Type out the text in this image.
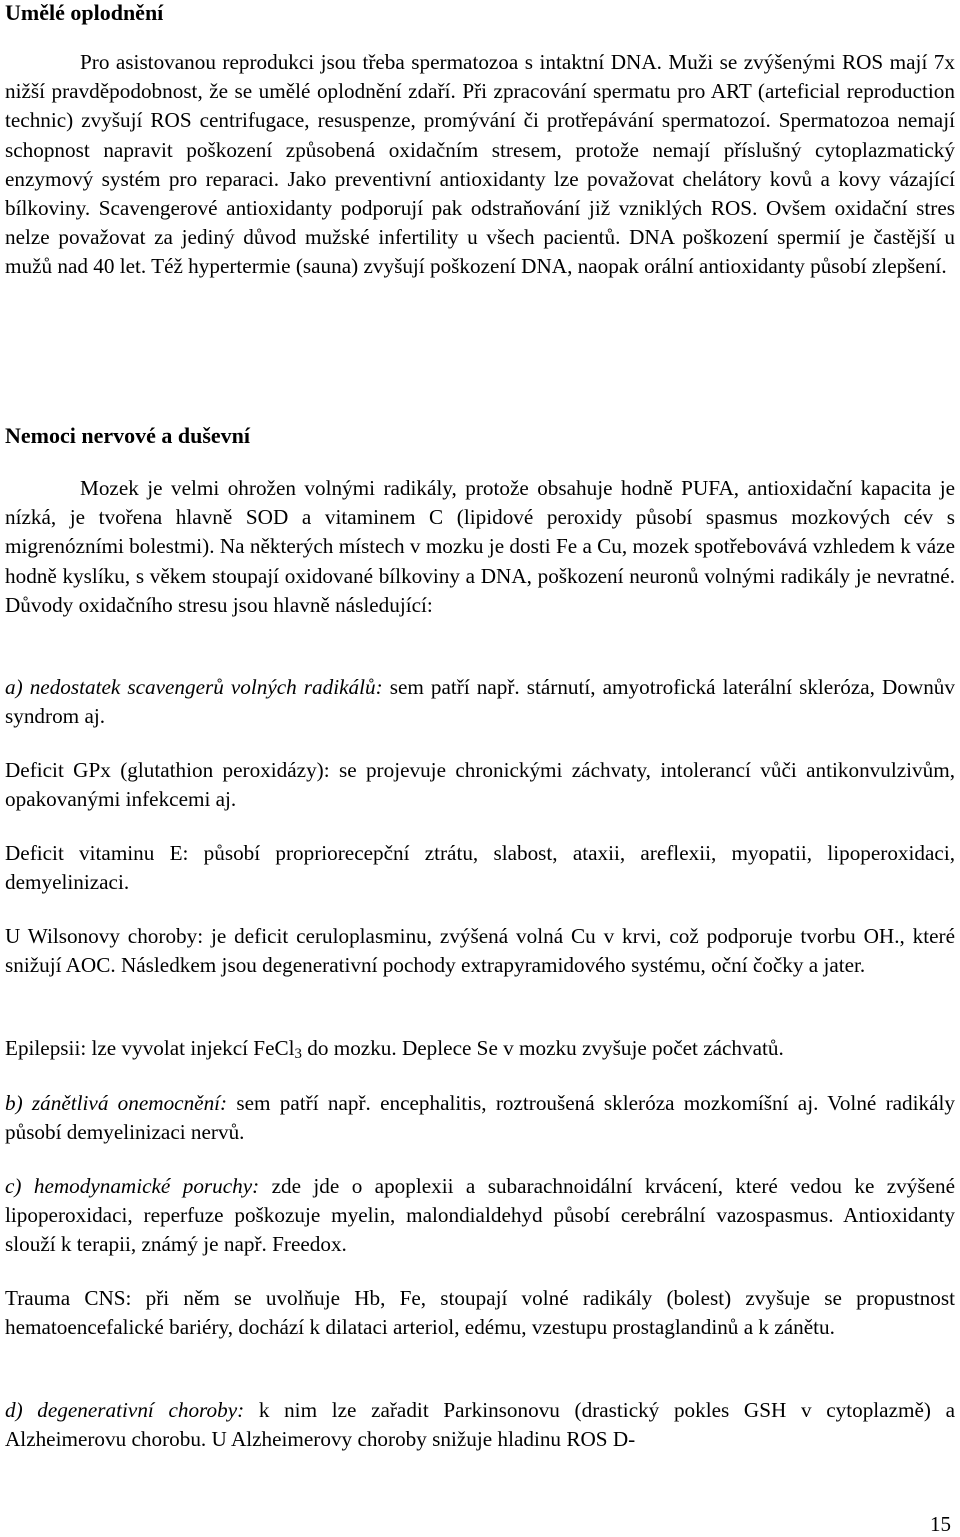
Umělé oplodnění

Pro asistovanou reprodukci jsou třeba spermatozoa s intaktní DNA. Muži se zvýšenými ROS mají 7x nižší pravděpodobnost, že se umělé oplodnění zdaří. Při zpracování spermatu pro ART (arteficial reproduction technic) zvyšují ROS centrifugace, resuspenze, promývání či protřepávání spermatozoí. Spermatozoa nemají schopnost napravit poškození způsobená oxidačním stresem, protože nemají příslušný cytoplazmatický enzymový systém pro reparaci. Jako preventivní antioxidanty lze považovat chelátory kovů a kovy vázající bílkoviny. Scavengerové antioxidanty podporují pak odstraňování již vzniklých ROS. Ovšem oxidační stres nelze považovat za jediný důvod mužské infertility u všech pacientů. DNA poškození spermií je častější u mužů nad 40 let. Též hypertermie (sauna) zvyšují poškození DNA, naopak orální antioxidanty působí zlepšení.

Nemoci nervové a duševní

Mozek je velmi ohrožen volnými radikály, protože obsahuje hodně PUFA, antioxidační kapacita je nízká, je tvořena hlavně SOD a vitaminem C (lipidové peroxidy působí spasmus mozkových cév s migrenózními bolestmi). Na některých místech v mozku je dosti Fe a Cu, mozek spotřebovává vzhledem k váze hodně kyslíku, s věkem stoupají oxidované bílkoviny a DNA, poškození neuronů volnými radikály je nevratné. Důvody oxidačního stresu jsou hlavně následující:

a) nedostatek scavengerů volných radikálů: sem patří např. stárnutí, amyotrofická laterální skleróza, Downův syndrom aj.

Deficit GPx (glutathion peroxidázy): se projevuje chronickými záchvaty, intolerancí vůči antikonvulzivům, opakovanými infekcemi aj.

Deficit vitaminu E: působí propriorecepční ztrátu, slabost, ataxii, areflexii, myopatii, lipoperoxidaci, demyelinizaci.

U Wilsonovy choroby: je deficit ceruloplasminu, zvýšená volná Cu v krvi, což podporuje tvorbu OH., které snižují AOC. Následkem jsou degenerativní pochody extrapyramidového systému, oční čočky a jater.

Epilepsii: lze vyvolat injekcí FeCl$_3$ do mozku. Deplece Se v mozku zvyšuje počet záchvatů.

b) zánětlivá onemocnění: sem patří např. encephalitis, roztroušená skleróza mozkomíšní aj. Volné radikály působí demyelinizaci nervů.

c) hemodynamické poruchy: zde jde o apoplexii a subarachnoidální krvácení, které vedou ke zvýšené lipoperoxidaci, reperfuze poškozuje myelin, malondialdehyd působí cerebrální vazospasmus. Antioxidanty slouží k terapii, známý je např. Freedox.

Trauma CNS: při něm se uvolňuje Hb, Fe, stoupají volné radikály (bolest) zvyšuje se propustnost hematoencefalické bariéry, dochází k dilataci arteriol, edému, vzestupu prostaglandinů a k zánětu.

d) degenerativní choroby: k nim lze zařadit Parkinsonovu (drastický pokles GSH v cytoplazmě) a Alzheimerovu chorobu. U Alzheimerovy choroby snižuje hladinu ROS D-

15
